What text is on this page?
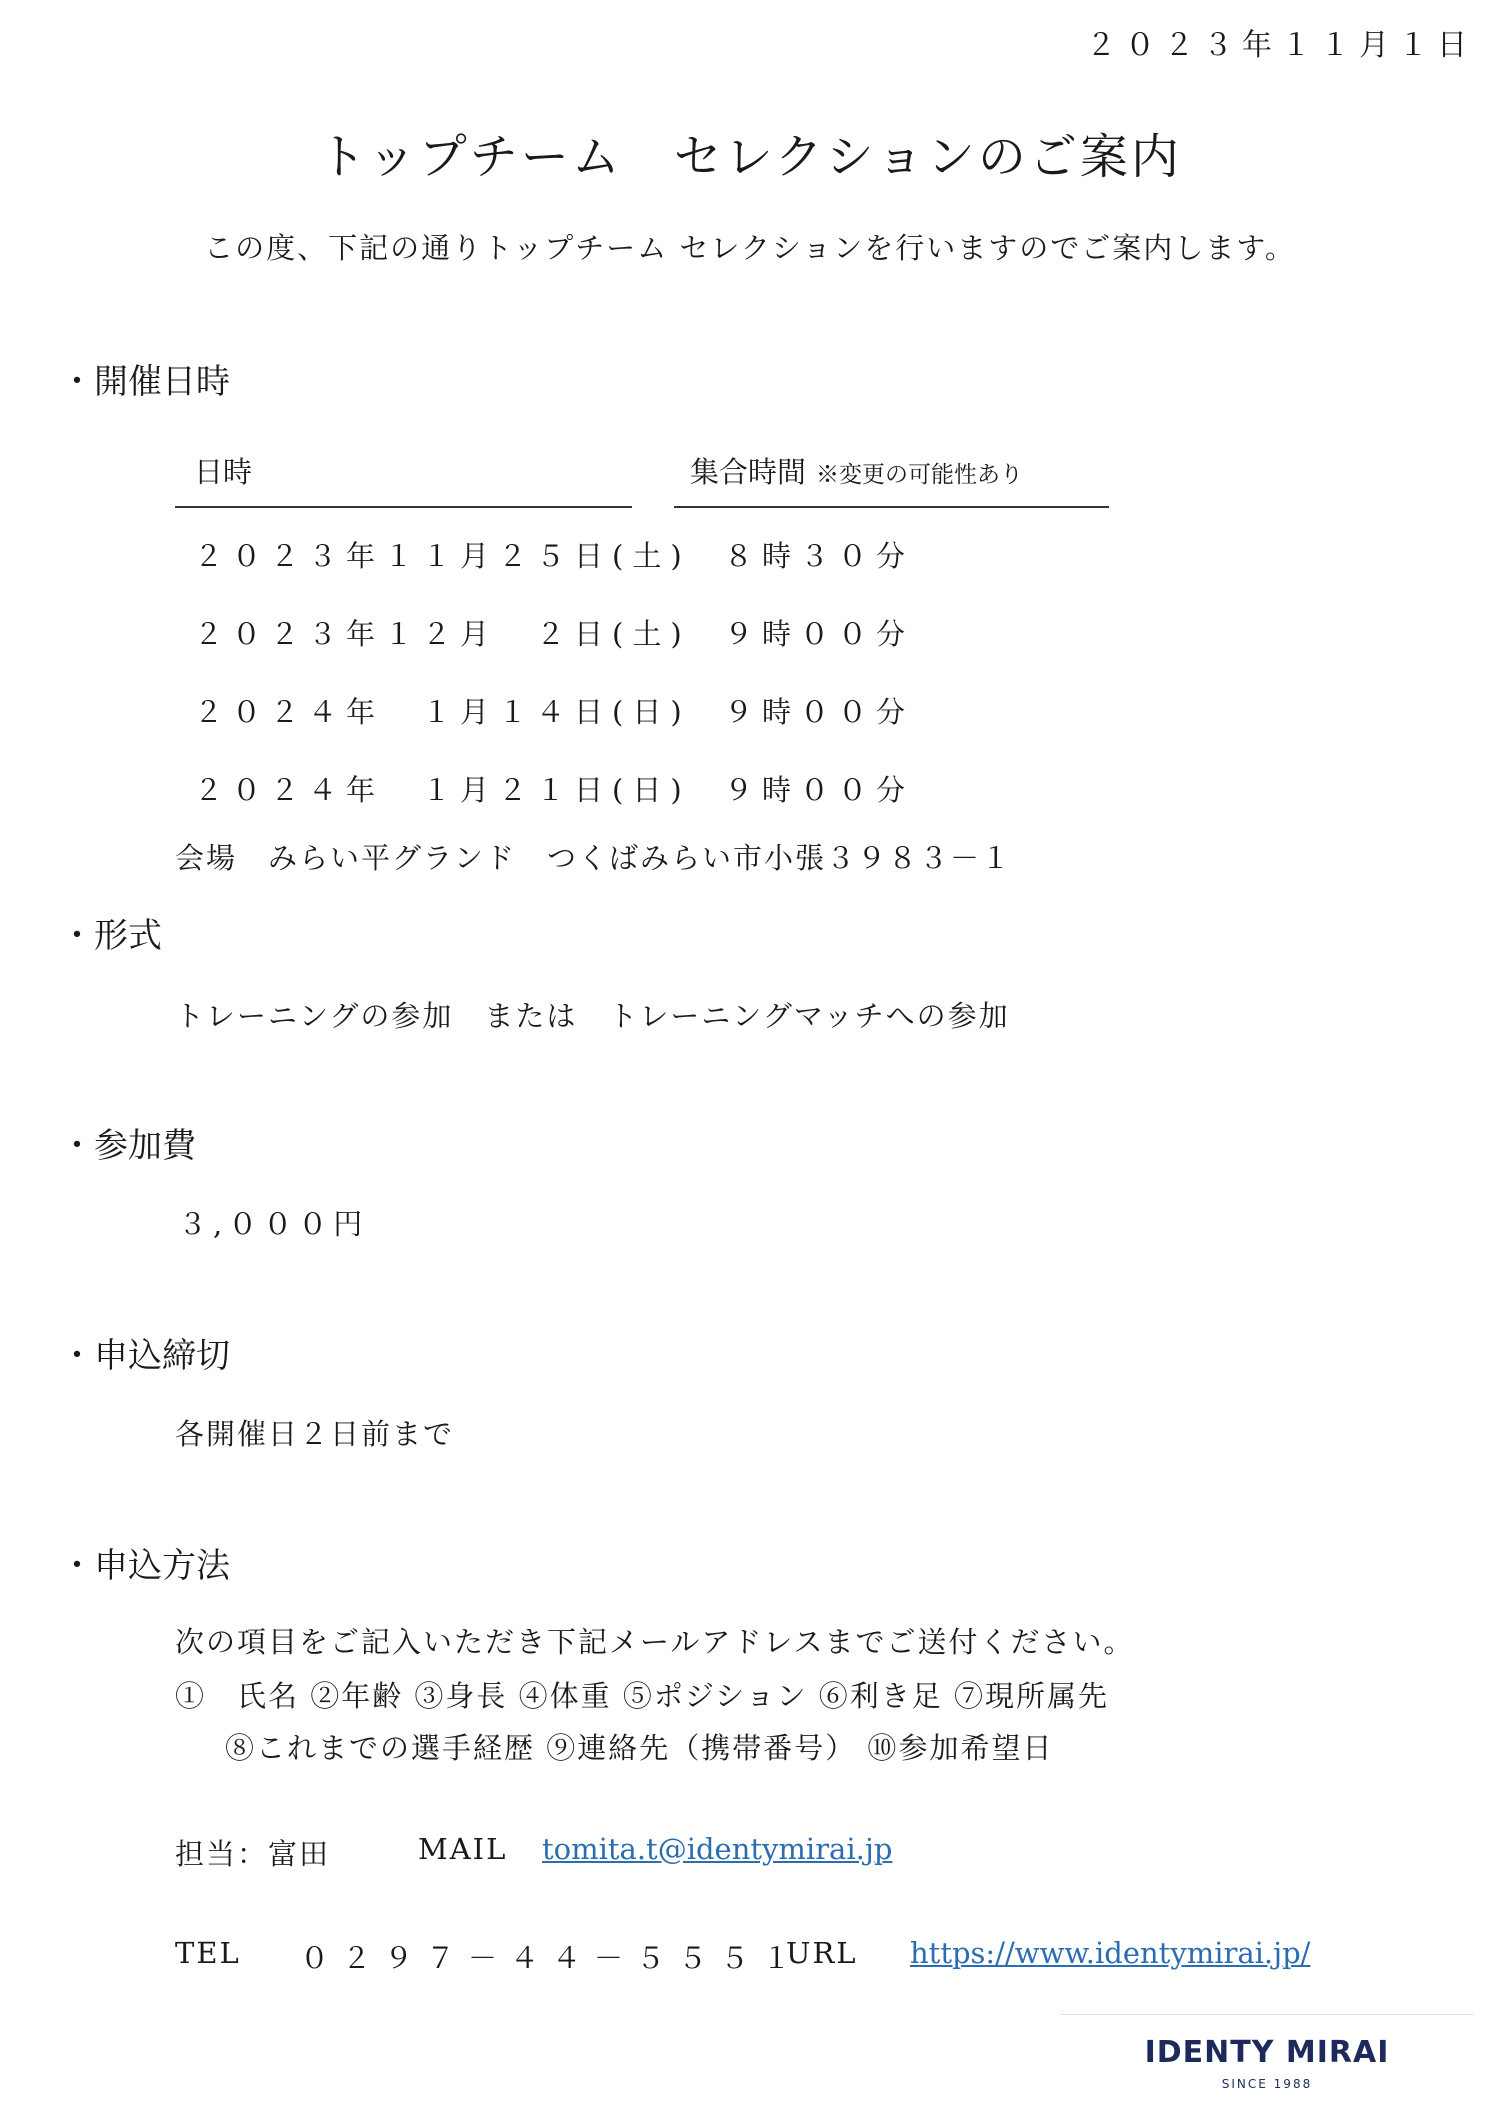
２０２３年１１月１日
トップチーム　セレクションのご案内
この度、下記の通りトップチーム セレクションを行いますのでご案内します。
・開催日時
日時	集合時間 ※変更の可能性あり
２０２３年１１月２５日(土) ８時３０分
２０２３年１２月　２日(土) ９時００分
２０２４年　１月１４日(日) ９時００分
２０２４年　１月２１日(日) ９時００分
会場　みらい平グランド　つくばみらい市小張３９８３－１
・形式
トレーニングの参加　または　トレーニングマッチへの参加
・参加費
３,０００円
・申込締切
各開催日２日前まで
・申込方法
次の項目をご記入いただき下記メールアドレスまでご送付ください。
①　氏名 ②年齢 ③身長 ④体重 ⑤ポジション ⑥利き足 ⑦現所属先
⑧これまでの選手経歴 ⑨連絡先（携帯番号） ⑩参加希望日
担当：富田	MAIL tomita.t@identymirai.jp
TEL ０２９７－４４－５５５１
URL https://www.identymirai.jp/
IDENTY MIRAI
SINCE 1988
